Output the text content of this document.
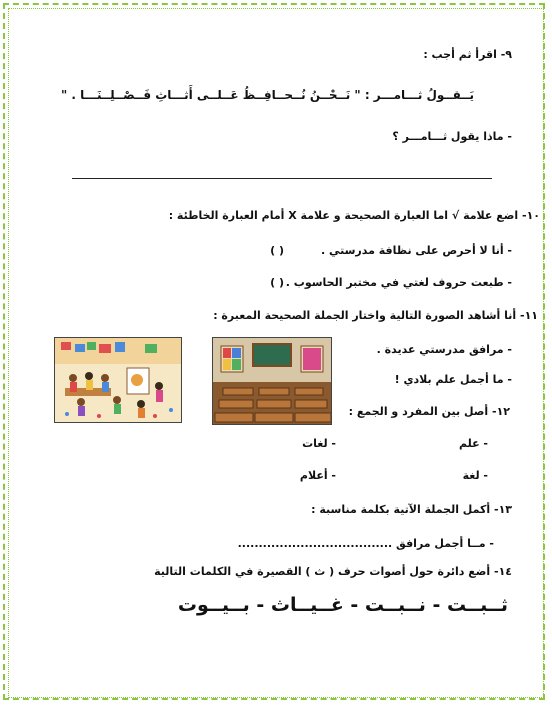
٩- اقرأ ثم أجب :
يَــقــولُ ثـــامـــر : " نَــحْــنُ نُــحــافِــظُ عَــلــى أَثـــاثِ فَــصْــلِــنَـــا . "
- ماذا يقول ثـــامـــر ؟
١٠- اضع علامة √ اما العبارة الصحيحة و علامة X أمام العبارة الخاطئة :
- أنا لا أحرص على نظافة مدرستي .
( )
- طبعت حروف لغتي في مختبر الحاسوب .
( )
١١- أنا أشاهد الصورة التالية واختار الجملة الصحيحة المعبرة :
- مرافق مدرستي عديدة .
- ما أجمل علم بلادي !
١٢- أصل بين المفرد و الجمع :
- علم
- لغات
- لغة
- أعلام
١٣- أكمل الجملة الآتية بكلمة مناسبة :
- مــا أجمل مرافق .....................................
١٤- أضع دائرة حول أصوات حرف ( ث ) القصيرة في الكلمات التالية
ثــبــت - نــبــت - غــيــاث - بــيــوت
